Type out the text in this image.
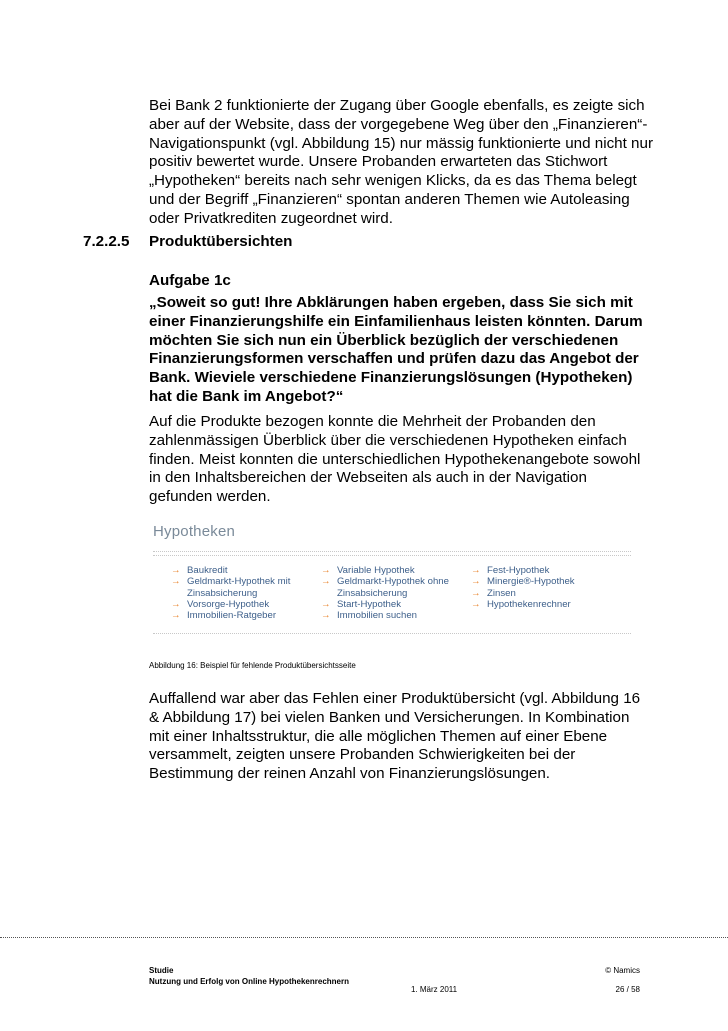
Bei Bank 2 funktionierte der Zugang über Google ebenfalls, es zeigte sich
aber auf der Website, dass der vorgegebene Weg über den „Finanzieren“-
Navigationspunkt (vgl. Abbildung 15) nur mässig funktionierte und nicht nur
positiv bewertet wurde. Unsere Probanden erwarteten das Stichwort
„Hypotheken“ bereits nach sehr wenigen Klicks, da es das Thema belegt
und der Begriff „Finanzieren“ spontan anderen Themen wie Autoleasing
oder Privatkrediten zugeordnet wird.
7.2.2.5 Produktübersichten
Aufgabe 1c
„Soweit so gut! Ihre Abklärungen haben ergeben, dass Sie sich mit
einer Finanzierungshilfe ein Einfamilienhaus leisten könnten. Darum
möchten Sie sich nun ein Überblick bezüglich der verschiedenen
Finanzierungsformen verschaffen und prüfen dazu das Angebot der
Bank. Wieviele verschiedene Finanzierungslösungen (Hypotheken)
hat die Bank im Angebot?“
Auf die Produkte bezogen konnte die Mehrheit der Probanden den
zahlenmässigen Überblick über die verschiedenen Hypotheken einfach
finden. Meist konnten die unterschiedlichen Hypothekenangebote sowohl
in den Inhaltsbereichen der Webseiten als auch in der Navigation
gefunden werden.
Hypotheken
→ Baukredit
→ Geldmarkt-Hypothek mit
Zinsabsicherung
→ Vorsorge-Hypothek
→ Immobilien-Ratgeber
→ Variable Hypothek
→ Geldmarkt-Hypothek ohne
Zinsabsicherung
→ Start-Hypothek
→ Immobilien suchen
→ Fest-Hypothek
→ Minergie®-Hypothek
→ Zinsen
→ Hypothekenrechner
Abbildung 16: Beispiel für fehlende Produktübersichtsseite
Auffallend war aber das Fehlen einer Produktübersicht (vgl. Abbildung 16
& Abbildung 17) bei vielen Banken und Versicherungen. In Kombination
mit einer Inhaltsstruktur, die alle möglichen Themen auf einer Ebene
versammelt, zeigten unsere Probanden Schwierigkeiten bei der
Bestimmung der reinen Anzahl von Finanzierungslösungen.
Studie
Nutzung und Erfolg von Online Hypothekenrechnern
1. März 2011
© Namics
26 / 58
